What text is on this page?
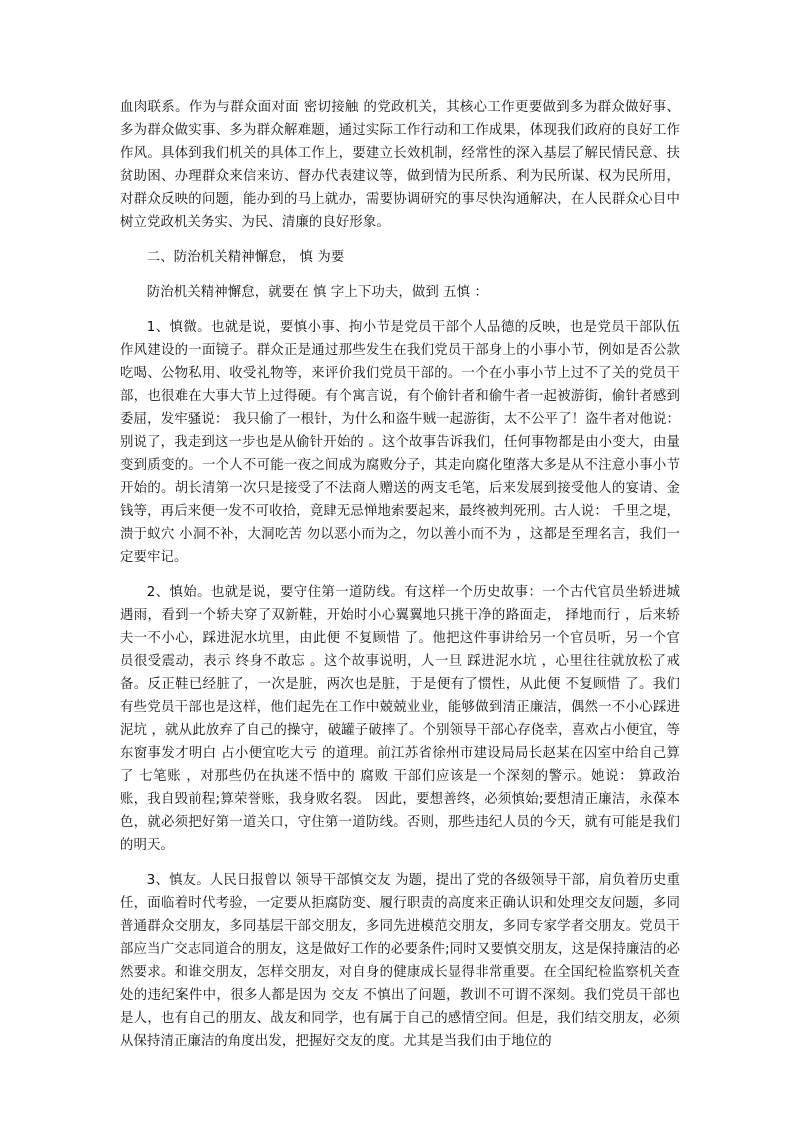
血肉联系。作为与群众面对面 密切接触 的党政机关，其核心工作更要做到多为群众做好事、多为群众做实事、多为群众解难题，通过实际工作行动和工作成果，体现我们政府的良好工作作风。具体到我们机关的具体工作上，要建立长效机制，经常性的深入基层了解民情民意、扶贫助困、办理群众来信来访、督办代表建议等，做到情为民所系、利为民所谋、权为民所用，对群众反映的问题，能办到的马上就办，需要协调研究的事尽快沟通解决，在人民群众心目中树立党政机关务实、为民、清廉的良好形象。

二、防治机关精神懈怠， 慎 为要

防治机关精神懈怠，就要在 慎 字上下功夫，做到 五慎 ：

1、慎微。也就是说，要慎小事、拘小节是党员干部个人品德的反映，也是党员干部队伍作风建设的一面镜子。群众正是通过那些发生在我们党员干部身上的小事小节，例如是否公款吃喝、公物私用、收受礼物等，来评价我们党员干部的。一个在小事小节上过不了关的党员干部，也很难在大事大节上过得硬。有个寓言说，有个偷针者和偷牛者一起被游街，偷针者感到委屈，发牢骚说： 我只偷了一根针，为什么和盗牛贼一起游街，太不公平了！盗牛者对他说： 别说了，我走到这一步也是从偷针开始的 。这个故事告诉我们，任何事物都是由小变大，由量变到质变的。一个人不可能一夜之间成为腐败分子，其走向腐化堕落大多是从不注意小事小节开始的。胡长清第一次只是接受了不法商人赠送的两支毛笔，后来发展到接受他人的宴请、金钱等，再后来便一发不可收拾，竟肆无忌惮地索要起来，最终被判死刑。古人说： 千里之堤，溃于蚁穴 小洞不补，大洞吃苦 勿以恶小而为之，勿以善小而不为 ，这都是至理名言，我们一定要牢记。

2、慎始。也就是说，要守住第一道防线。有这样一个历史故事：一个古代官员坐轿进城遇雨，看到一个轿夫穿了双新鞋，开始时小心翼翼地只挑干净的路面走， 择地而行 ，后来轿夫一不小心，踩进泥水坑里，由此便 不复顾惜 了。他把这件事讲给另一个官员听，另一个官员很受震动，表示 终身不敢忘 。这个故事说明，人一旦 踩进泥水坑 ，心里往往就放松了戒备。反正鞋已经脏了，一次是脏，两次也是脏，于是便有了惯性，从此便 不复顾惜 了。我们有些党员干部也是这样，他们起先在工作中兢兢业业，能够做到清正廉洁，偶然一不小心踩进 泥坑 ，就从此放弃了自己的操守，破罐子破摔了。个别领导干部心存侥幸，喜欢占小便宜，等东窗事发才明白 占小便宜吃大亏 的道理。前江苏省徐州市建设局局长赵某在囚室中给自己算了 七笔账 ，对那些仍在执迷不悟中的 腐败 干部们应该是一个深刻的警示。她说： 算政治账，我自毁前程;算荣誉账，我身败名裂。 因此，要想善终，必须慎始;要想清正廉洁，永葆本色，就必须把好第一道关口，守住第一道防线。否则，那些违纪人员的今天，就有可能是我们的明天。

3、慎友。人民日报曾以 领导干部慎交友 为题，提出了党的各级领导干部，肩负着历史重任，面临着时代考验，一定要从拒腐防变、履行职责的高度来正确认识和处理交友问题，多同普通群众交朋友，多同基层干部交朋友，多同先进模范交朋友，多同专家学者交朋友。党员干部应当广交志同道合的朋友，这是做好工作的必要条件;同时又要慎交朋友，这是保持廉洁的必然要求。和谁交朋友，怎样交朋友，对自身的健康成长显得非常重要。在全国纪检监察机关查处的违纪案件中，很多人都是因为 交友 不慎出了问题，教训不可谓不深刻。我们党员干部也是人，也有自己的朋友、战友和同学，也有属于自己的感情空间。但是，我们结交朋友，必须从保持清正廉洁的角度出发，把握好交友的度。尤其是当我们由于地位的
